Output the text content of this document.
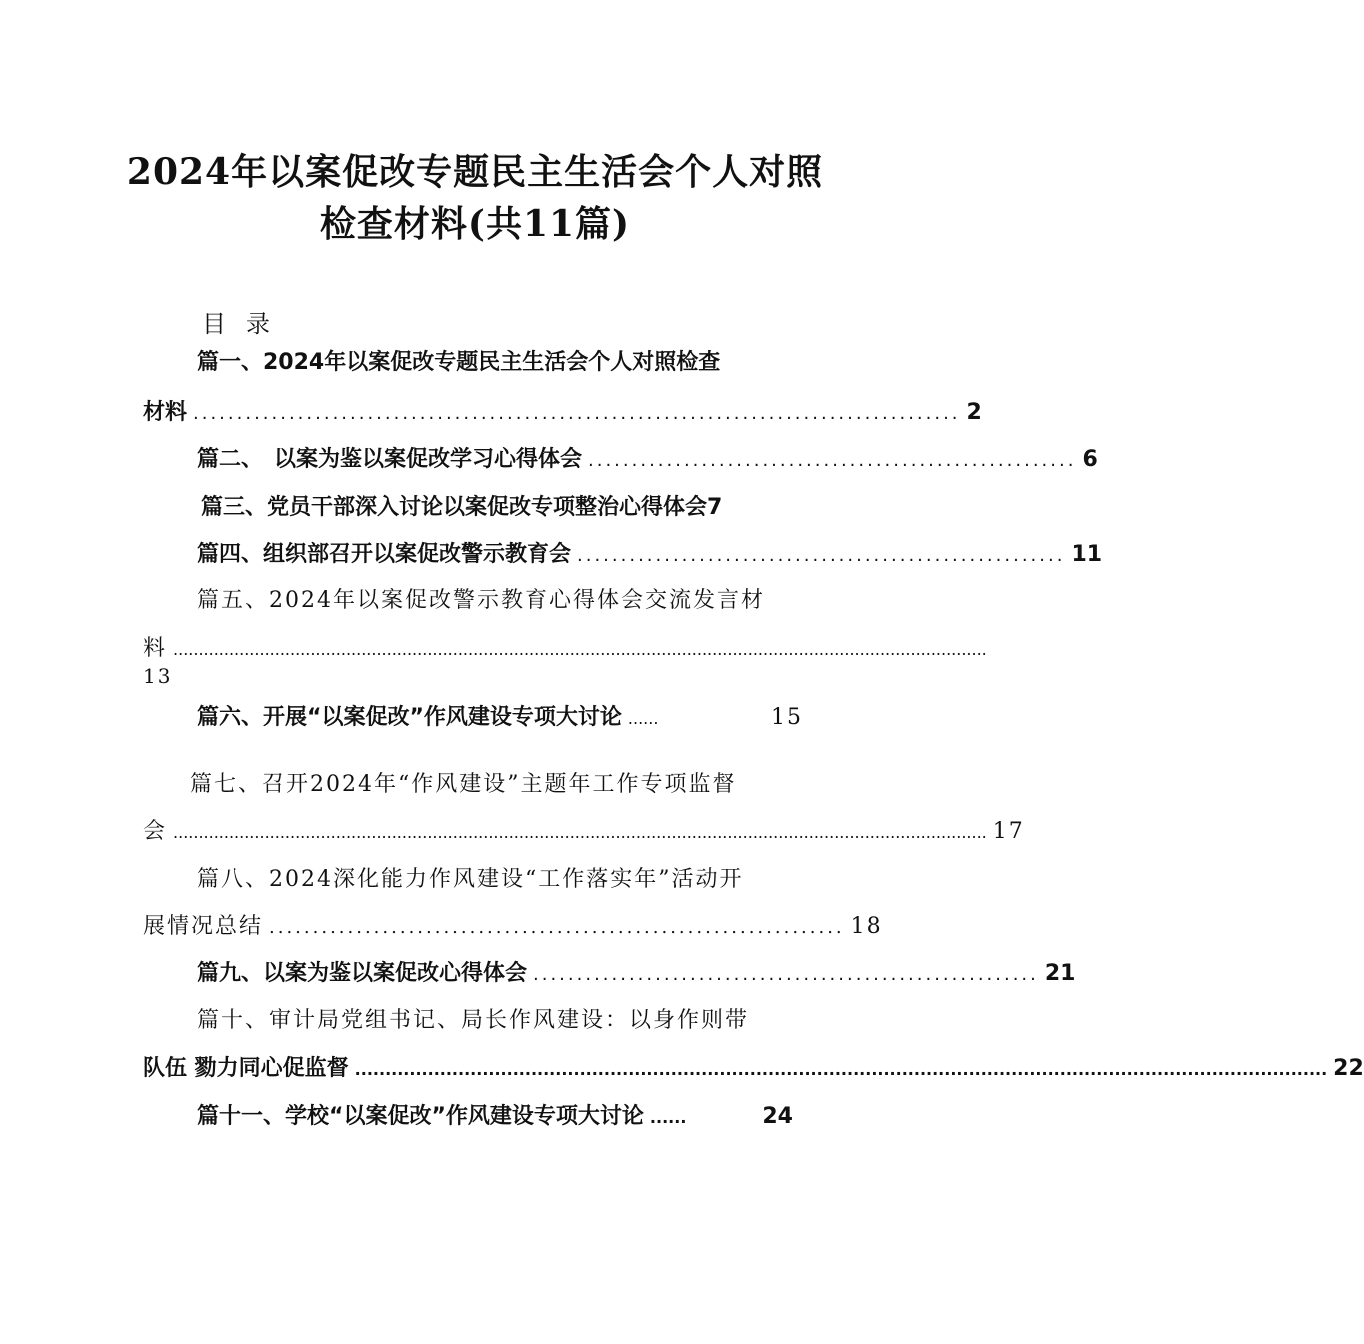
2024年以案促改专题民主生活会个人对照
检查材料(共11篇)
目录
篇一、2024年以案促改专题民主生活会个人对照检查
材料 ........................................................................................ 2
篇二、　以案为鉴以案促改学习心得体会 ........................................................ 6
篇三、党员干部深入讨论以案促改专项整治心得体会7
篇四、组织部召开以案促改警示教育会 ........................................................ 11
篇五、2024年以案促改警示教育心得体会交流发言材
料 ................................................................................................................................................................
13
篇六、开展“以案促改”作风建设专项大讨论 ......	15
篇七、召开2024年“作风建设”主题年工作专项监督
会 ................................................................................................................................................................ 17
篇八、2024深化能力作风建设“工作落实年”活动开
展情况总结 .................................................................. 18
篇九、以案为鉴以案促改心得体会 .......................................................... 21
篇十、审计局党组书记、局长作风建设：以身作则带
队伍 勠力同心促监督 ................................................................................................................................................................ 22
篇十一、学校“以案促改”作风建设专项大讨论 ......	24
